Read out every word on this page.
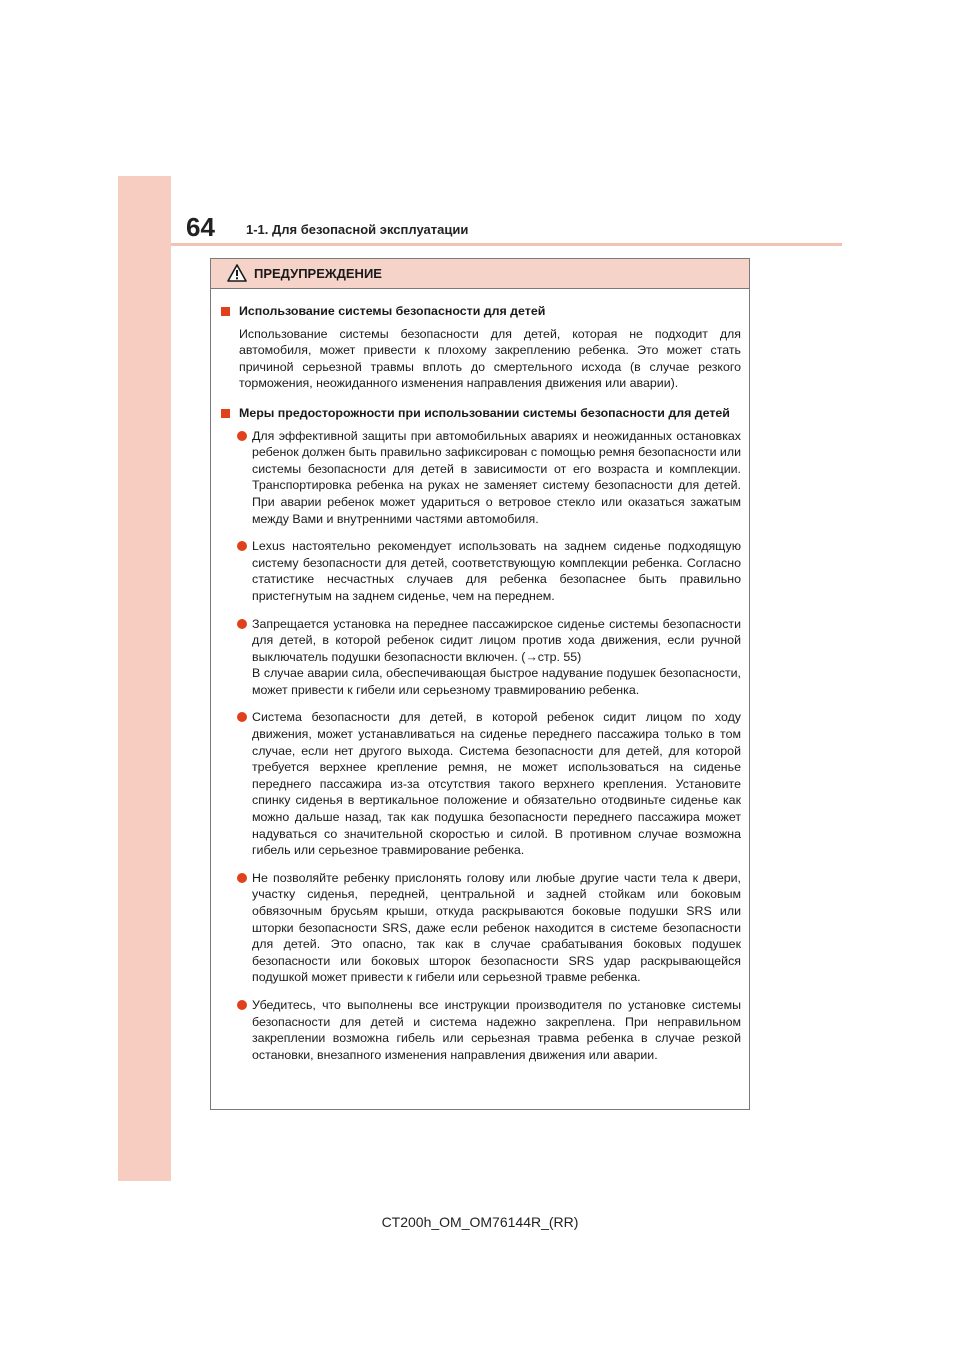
64 1-1. Для безопасной эксплуатации
ПРЕДУПРЕЖДЕНИЕ
Использование системы безопасности для детей
Использование системы безопасности для детей, которая не подходит для автомобиля, может привести к плохому закреплению ребенка. Это может стать причиной серьезной травмы вплоть до смертельного исхода (в случае резкого торможения, неожиданного изменения направления движения или аварии).
Меры предосторожности при использовании системы безопасности для детей
Для эффективной защиты при автомобильных авариях и неожиданных остановках ребенок должен быть правильно зафиксирован с помощью ремня безопасности или системы безопасности для детей в зависимости от его возраста и комплекции. Транспортировка ребенка на руках не заменяет систему безопасности для детей. При аварии ребенок может удариться о ветровое стекло или оказаться зажатым между Вами и внутренними частями автомобиля.
Lexus настоятельно рекомендует использовать на заднем сиденье подходящую систему безопасности для детей, соответствующую комплекции ребенка. Согласно статистике несчастных случаев для ребенка безопаснее быть правильно пристегнутым на заднем сиденье, чем на переднем.
Запрещается установка на переднее пассажирское сиденье системы безопасности для детей, в которой ребенок сидит лицом против хода движения, если ручной выключатель подушки безопасности включен. (→стр. 55)
В случае аварии сила, обеспечивающая быстрое надувание подушек безопасности, может привести к гибели или серьезному травмированию ребенка.
Система безопасности для детей, в которой ребенок сидит лицом по ходу движения, может устанавливаться на сиденье переднего пассажира только в том случае, если нет другого выхода. Система безопасности для детей, для которой требуется верхнее крепление ремня, не может использоваться на сиденье переднего пассажира из-за отсутствия такого верхнего крепления. Установите спинку сиденья в вертикальное положение и обязательно отодвиньте сиденье как можно дальше назад, так как подушка безопасности переднего пассажира может надуваться со значительной скоростью и силой. В противном случае возможна гибель или серьезное травмирование ребенка.
Не позволяйте ребенку прислонять голову или любые другие части тела к двери, участку сиденья, передней, центральной и задней стойкам или боковым обвязочным брусьям крыши, откуда раскрываются боковые подушки SRS или шторки безопасности SRS, даже если ребенок находится в системе безопасности для детей. Это опасно, так как в случае срабатывания боковых подушек безопасности или боковых шторок безопасности SRS удар раскрывающейся подушкой может привести к гибели или серьезной травме ребенка.
Убедитесь, что выполнены все инструкции производителя по установке системы безопасности для детей и система надежно закреплена. При неправильном закреплении возможна гибель или серьезная травма ребенка в случае резкой остановки, внезапного изменения направления движения или аварии.
CT200h_OM_OM76144R_(RR)
